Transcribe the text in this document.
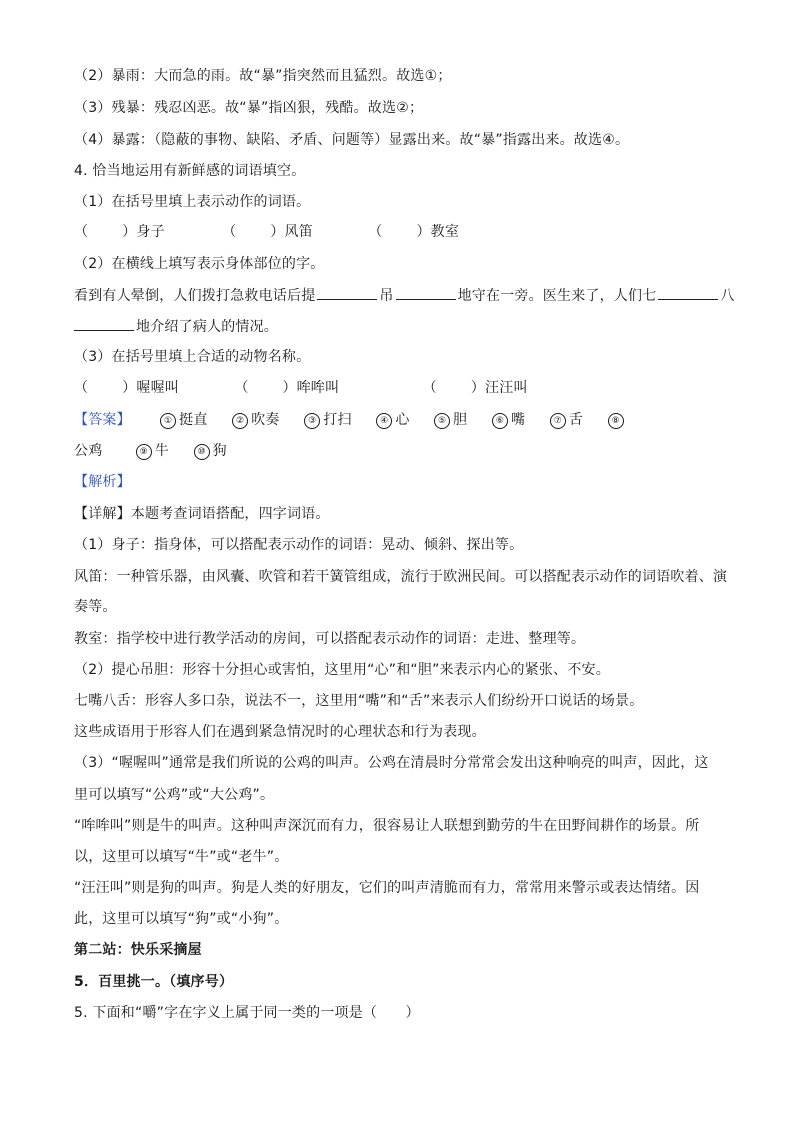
（2）暴雨：大而急的雨。故“暴”指突然而且猛烈。故选①；
（3）残暴：残忍凶恶。故“暴”指凶狠，残酷。故选②；
（4）暴露：（隐蔽的事物、缺陷、矛盾、问题等）显露出来。故“暴”指露出来。故选④。
4. 恰当地运用有新鲜感的词语填空。
（1）在括号里填上表示动作的词语。
（ ）身子	（ ）风笛	（ ）教室
（2）在横线上填写表示身体部位的字。
看到有人晕倒，人们拨打急救电话后提	吊	地守在一旁。医生来了，人们七	八
地介绍了病人的情况。
（3）在括号里填上合适的动物名称。
（ ）喔喔叫	（ ）哞哞叫	（ ）汪汪叫
【答案】	① 挺直	② 吹奏	③ 打扫	④ 心	⑤ 胆	⑥ 嘴	⑦ 舌	⑧
公鸡	⑨ 牛	⑩ 狗
【解析】
【详解】本题考查词语搭配，四字词语。
（1）身子：指身体，可以搭配表示动作的词语：晃动、倾斜、探出等。
风笛：一种管乐器，由风囊、吹管和若干簧管组成，流行于欧洲民间。可以搭配表示动作的词语吹着、演
奏等。
教室：指学校中进行教学活动的房间，可以搭配表示动作的词语：走进、整理等。
（2）提心吊胆：形容十分担心或害怕，这里用“心”和“胆”来表示内心的紧张、不安。
七嘴八舌：形容人多口杂，说法不一，这里用“嘴”和“舌”来表示人们纷纷开口说话的场景。
这些成语用于形容人们在遇到紧急情况时的心理状态和行为表现。
（3）“喔喔叫”通常是我们所说的公鸡的叫声。公鸡在清晨时分常常会发出这种响亮的叫声，因此，这
里可以填写“公鸡”或“大公鸡”。
“哞哞叫”则是牛的叫声。这种叫声深沉而有力，很容易让人联想到勤劳的牛在田野间耕作的场景。所
以，这里可以填写“牛”或“老牛”。
“汪汪叫”则是狗的叫声。狗是人类的好朋友，它们的叫声清脆而有力，常常用来警示或表达情绪。因
此，这里可以填写“狗”或“小狗”。
第二站：快乐采摘屋
5．百里挑一。（填序号）
5. 下面和“嚼”字在字义上属于同一类的一项是（　　）
